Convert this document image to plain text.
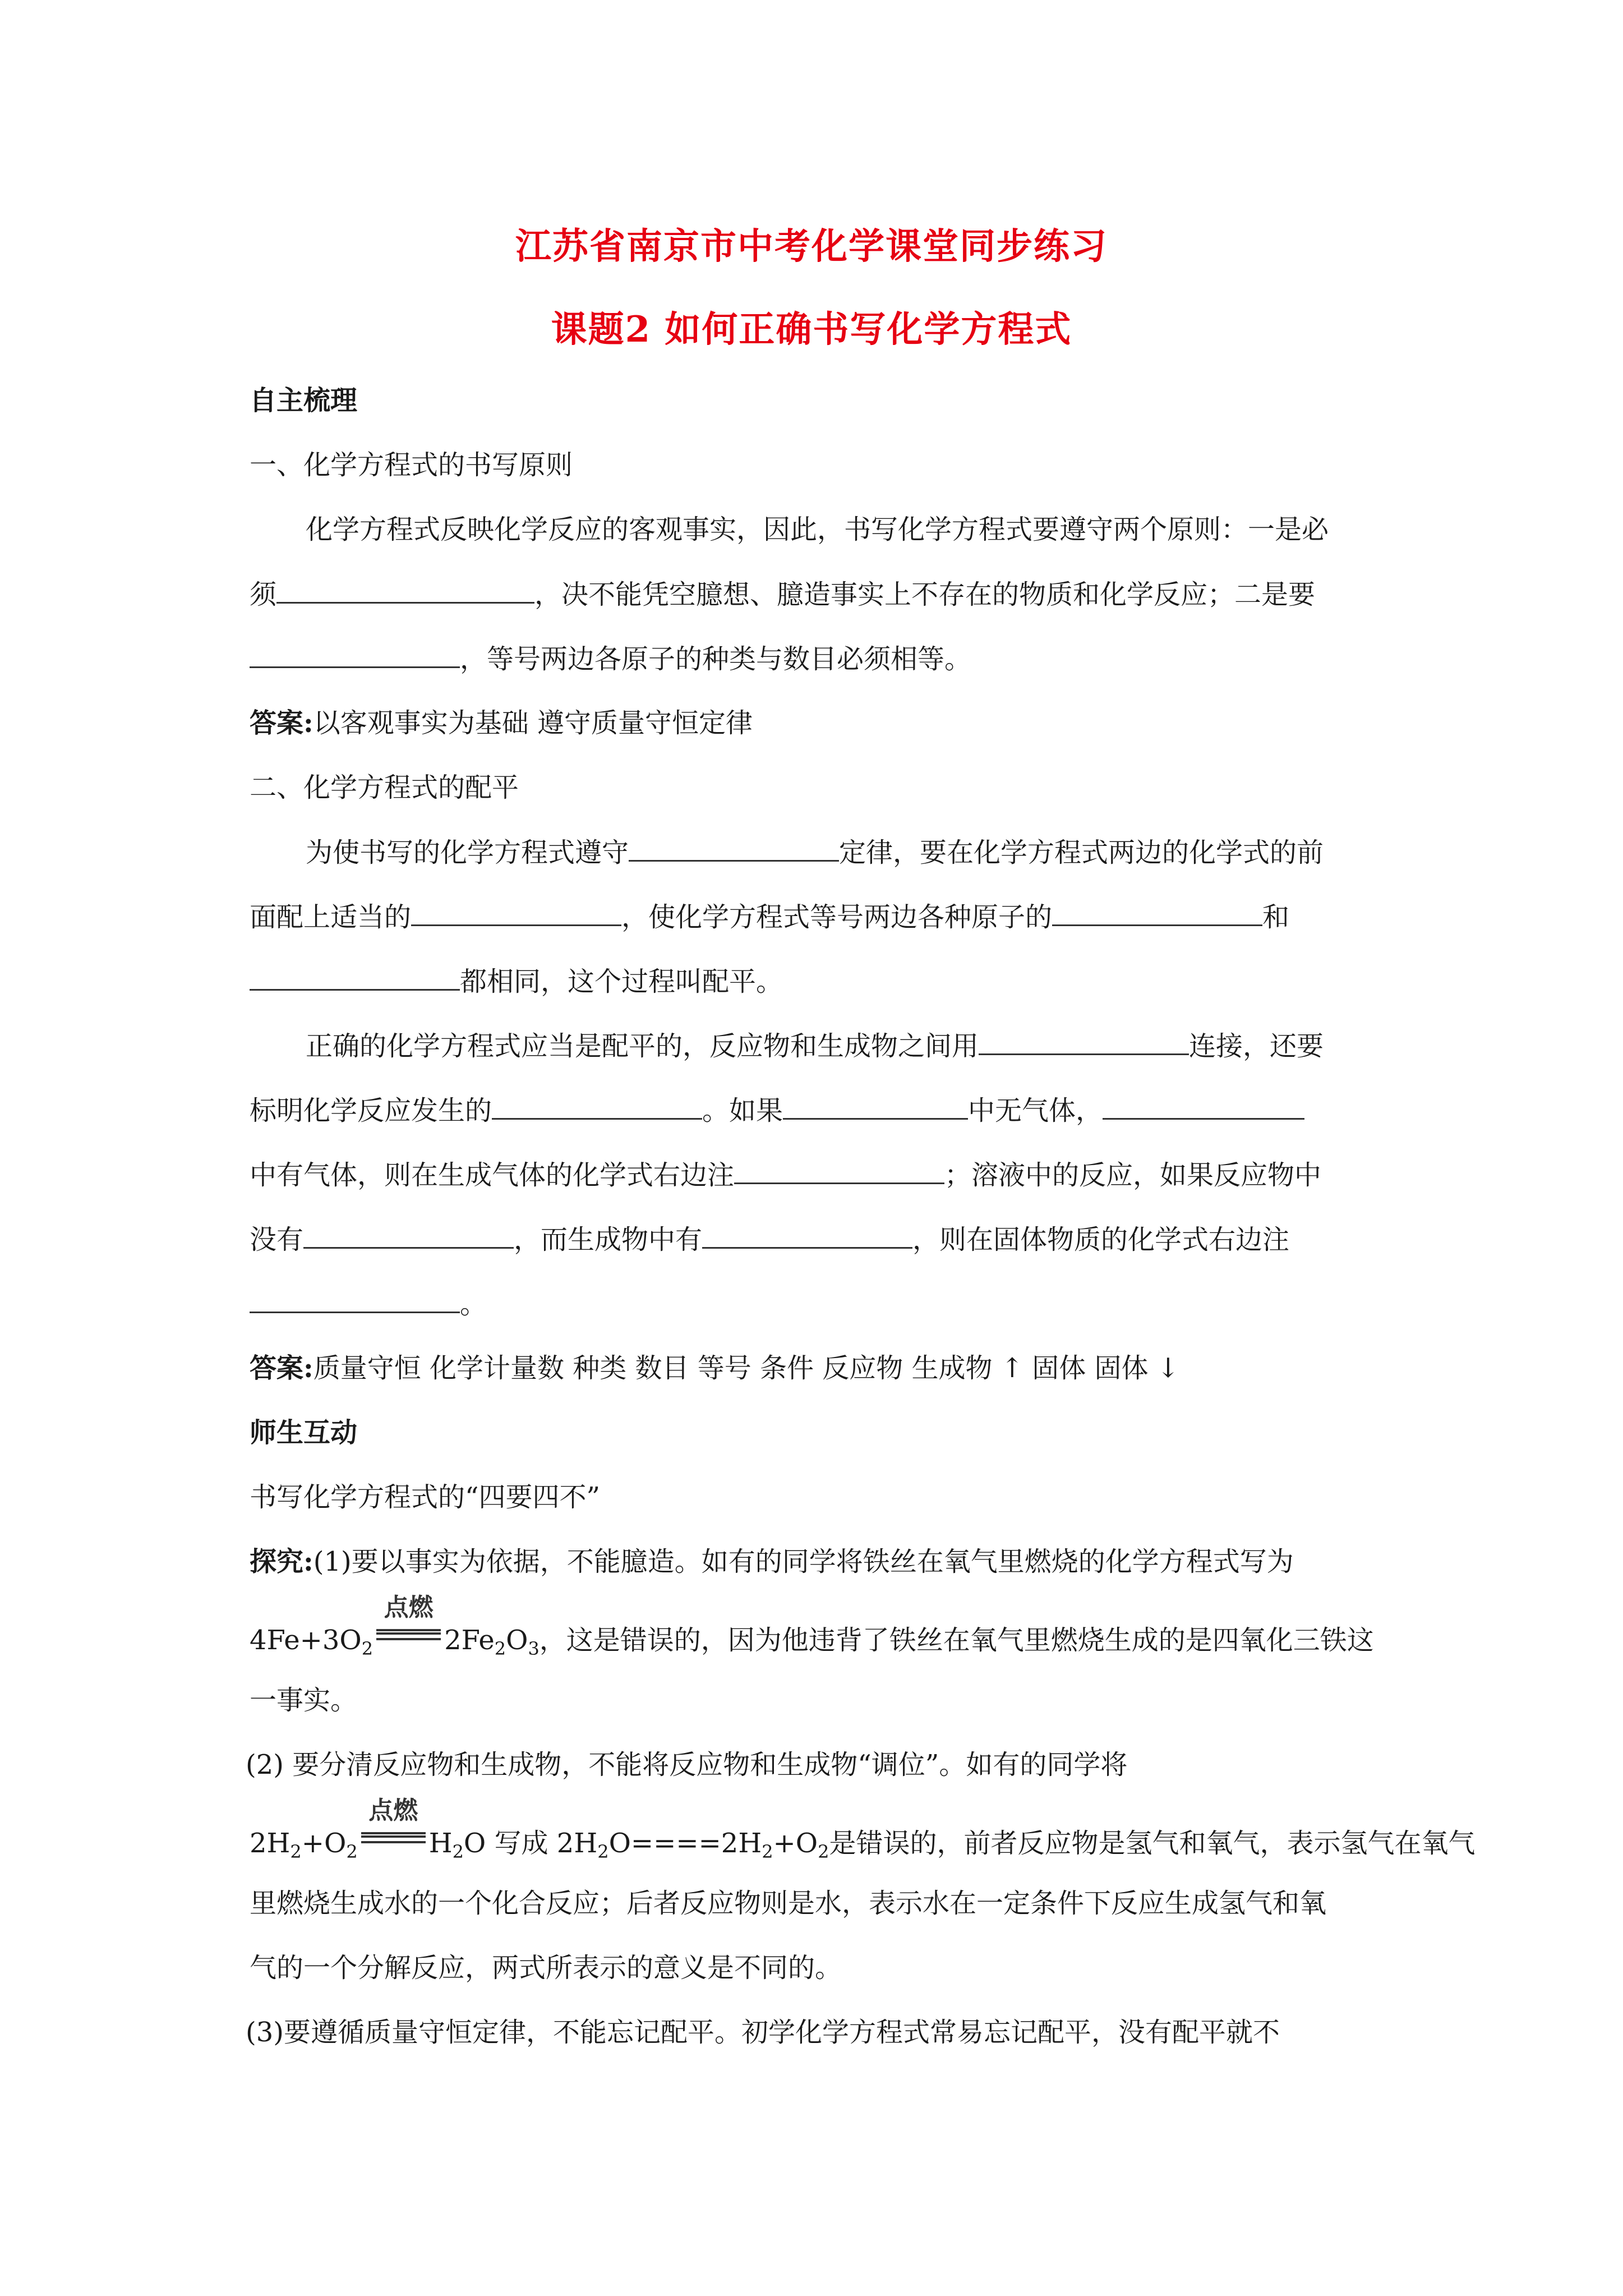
江苏省南京市中考化学课堂同步练习
课题2 如何正确书写化学方程式
自主梳理
一、化学方程式的书写原则
化学方程式反映化学反应的客观事实，因此，书写化学方程式要遵守两个原则：一是必
须	，决不能凭空臆想、臆造事实上不存在的物质和化学反应；二是要
，等号两边各原子的种类与数目必须相等。
答案:以客观事实为基础 遵守质量守恒定律
二、化学方程式的配平
为使书写的化学方程式遵守	定律，要在化学方程式两边的化学式的前
面配上适当的	，使化学方程式等号两边各种原子的	和
都相同，这个过程叫配平。
正确的化学方程式应当是配平的，反应物和生成物之间用	连接，还要
标明化学反应发生的	。如果	中无气体，
中有气体，则在生成气体的化学式右边注	；溶液中的反应，如果反应物中
没有	，而生成物中有	，则在固体物质的化学式右边注
。
答案:质量守恒 化学计量数 种类 数目 等号 条件 反应物 生成物 ↑ 固体 固体 ↓
师生互动
书写化学方程式的“四要四不”
探究:(1)要以事实为依据，不能臆造。如有的同学将铁丝在氧气里燃烧的化学方程式写为
$4Fe+3O_2$
点燃
$2Fe_2O_3$，这是错误的，因为他违背了铁丝在氧气里燃烧生成的是四氧化三铁这
一事实。
(2) 要分清反应物和生成物，不能将反应物和生成物“调位”。如有的同学将
$2H_2+O_2$
点燃
$H_2O$ 写成 $2H_2O====2H_2+O_2$是错误的，前者反应物是氢气和氧气，表示氢气在氧气
里燃烧生成水的一个化合反应；后者反应物则是水，表示水在一定条件下反应生成氢气和氧
气的一个分解反应，两式所表示的意义是不同的。
(3)要遵循质量守恒定律，不能忘记配平。初学化学方程式常易忘记配平，没有配平就不
